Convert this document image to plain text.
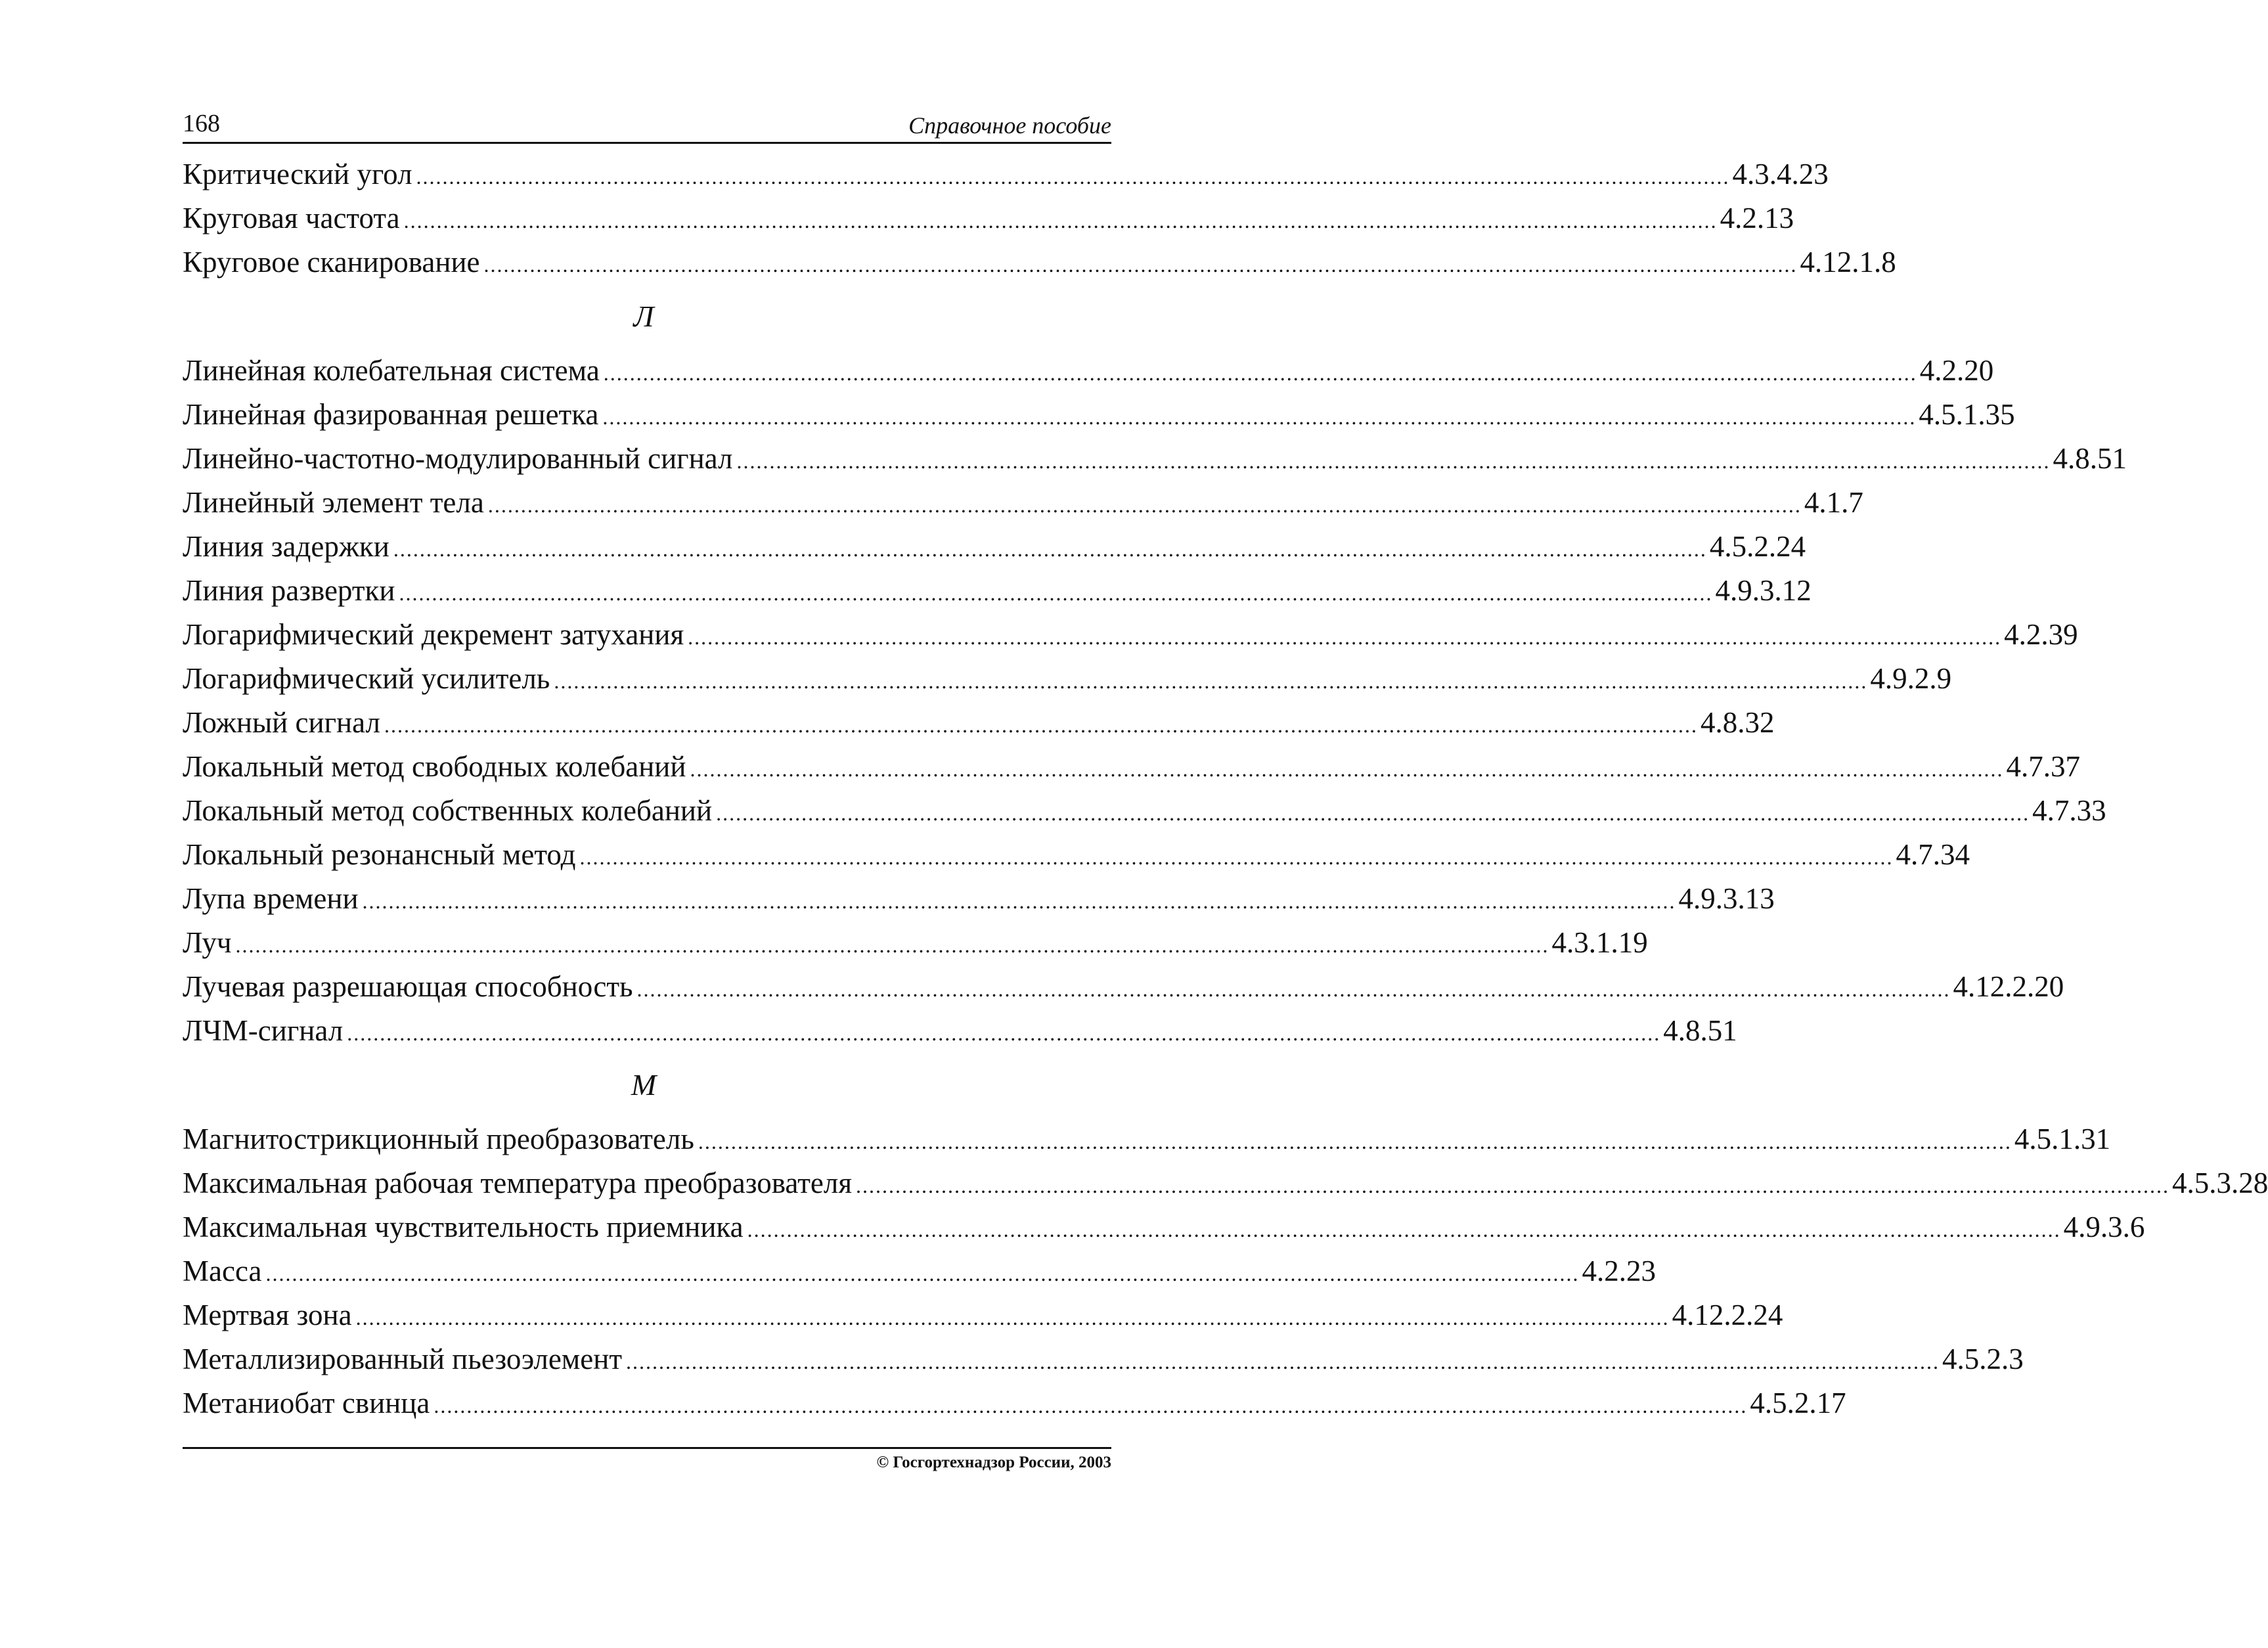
168	Справочное пособие
Критический угол ........................................................................................................................................................................................................ 4.3.4.23
Круговая частота ........................................................................................................................................................................................................ 4.2.13
Круговое сканирование ........................................................................................................................................................................................................ 4.12.1.8
Л
Линейная колебательная система ........................................................................................................................................................................................................ 4.2.20
Линейная фазированная решетка ........................................................................................................................................................................................................ 4.5.1.35
Линейно-частотно-модулированный сигнал ........................................................................................................................................................................................................ 4.8.51
Линейный элемент тела ........................................................................................................................................................................................................ 4.1.7
Линия задержки ........................................................................................................................................................................................................ 4.5.2.24
Линия развертки ........................................................................................................................................................................................................ 4.9.3.12
Логарифмический декремент затухания ........................................................................................................................................................................................................ 4.2.39
Логарифмический усилитель ........................................................................................................................................................................................................ 4.9.2.9
Ложный сигнал ........................................................................................................................................................................................................ 4.8.32
Локальный метод свободных колебаний ........................................................................................................................................................................................................ 4.7.37
Локальный метод собственных колебаний ........................................................................................................................................................................................................ 4.7.33
Локальный резонансный метод ........................................................................................................................................................................................................ 4.7.34
Лупа времени ........................................................................................................................................................................................................ 4.9.3.13
Луч ........................................................................................................................................................................................................ 4.3.1.19
Лучевая разрешающая способность ........................................................................................................................................................................................................ 4.12.2.20
ЛЧМ-сигнал ........................................................................................................................................................................................................ 4.8.51
М
Магнитострикционный преобразователь ........................................................................................................................................................................................................ 4.5.1.31
Максимальная рабочая температура преобразователя ........................................................................................................................................................................................................ 4.5.3.28
Максимальная чувствительность приемника ........................................................................................................................................................................................................ 4.9.3.6
Масса ........................................................................................................................................................................................................ 4.2.23
Мертвая зона ........................................................................................................................................................................................................ 4.12.2.24
Металлизированный пьезоэлемент ........................................................................................................................................................................................................ 4.5.2.3
Метаниобат свинца ........................................................................................................................................................................................................ 4.5.2.17
© Госгортехнадзор России, 2003
